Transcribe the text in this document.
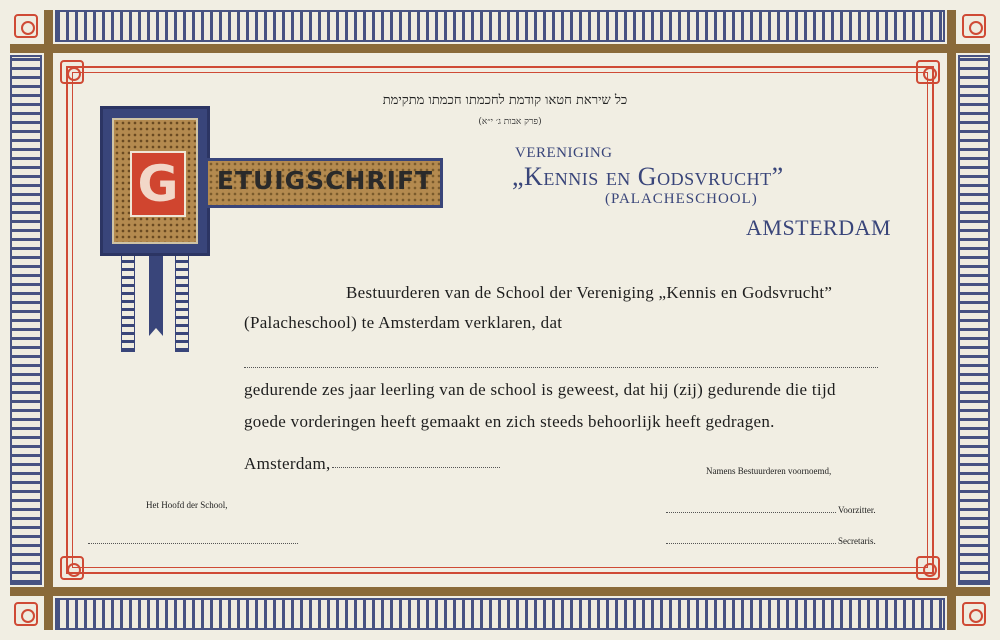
כל שיראת חטאו קודמת לחכמתו חכמתו מתקימת
(פרק אבות ג׳ י״א)
VERENIGING
„Kennis en Godsvrucht”
(PALACHESCHOOL)
AMSTERDAM
G ETUIGSCHRIFT
Bestuurderen van de School der Vereniging „Kennis en Godsvrucht”
(Palacheschool) te Amsterdam verklaren, dat
gedurende zes jaar leerling van de school is geweest, dat hij (zij) gedurende die tijd
goede vorderingen heeft gemaakt en zich steeds behoorlijk heeft gedragen.
Amsterdam,	Namens Bestuurderen voornoemd,
Het Hoofd der School,	Voorzitter.
Secretaris.
